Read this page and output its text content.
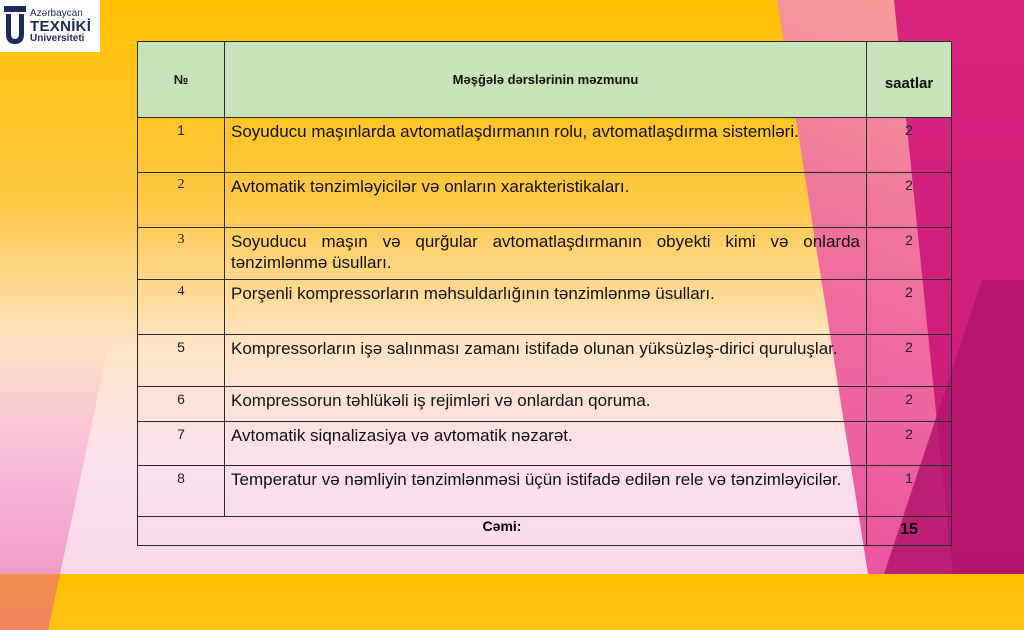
Azərbaycan
TEXNİKİ
Universiteti
№	Məşğələ dərslərinin məzmunu	saatlar
1	Soyuducu maşınlarda avtomatlaşdırmanın rolu, avtomatlaşdırma sistemləri.	2
2	Avtomatik tənzimləyicilər və onların xarakteristikaları.	2
3	Soyuducu maşın və qurğular avtomatlaşdırmanın obyekti kimi və onlarda tənzimlənmə üsulları.	2
4	Porşenli kompressorların məhsuldarlığının tənzimlənmə üsulları.	2
5	Kompressorların işə salınması zamanı istifadə olunan yüksüzləş-dirici quruluşlar.	2
6	Kompressorun təhlükəli iş rejimləri və onlardan qoruma.	2
7	Avtomatik siqnalizasiya və avtomatik nəzarət.	2
8	Temperatur və nəmliyin tənzimlənməsi üçün istifadə edilən rele və tənzimləyicilər.	1
Cəmi:		15
